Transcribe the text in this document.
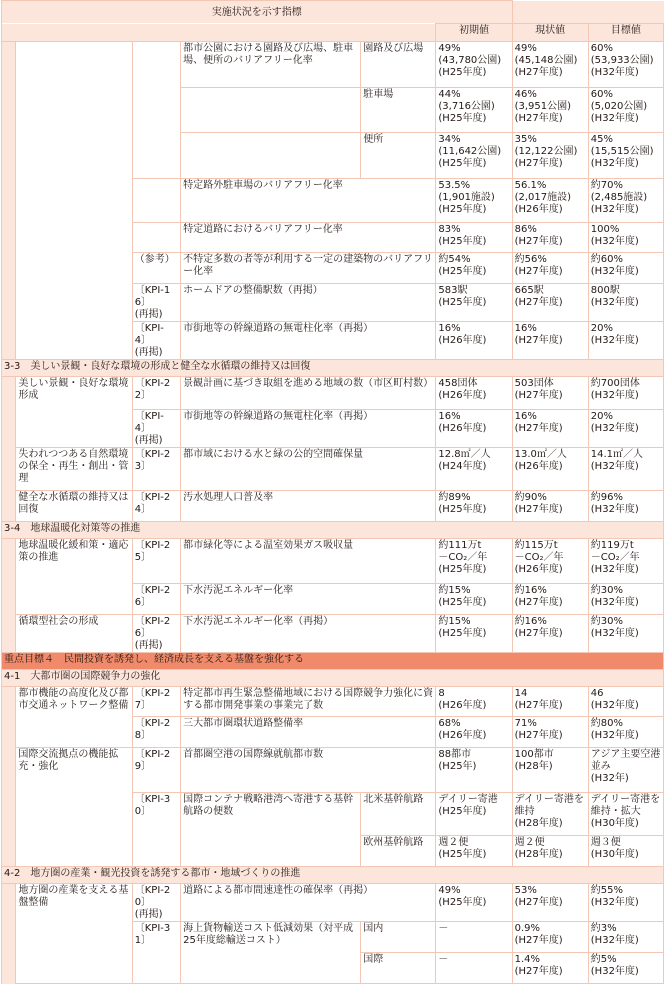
実施状況を示す指標							
					初期値	現状値	目標値
			都市公園における園路及び広場、駐車場、便所のバリアフリー化率	園路及び広場	49%
(43,780公園)
(H25年度)	49%
(45,148公園)
(H27年度)	60%
(53,933公園)
(H32年度)
				駐車場	44%
(3,716公園)
(H25年度)	46%
(3,951公園)
(H27年度)	60%
(5,020公園)
(H32年度)
				便所	34%
(11,642公園)
(H25年度)	35%
(12,122公園)
(H27年度)	45%
(15,515公園)
(H32年度)
			特定路外駐車場のバリアフリー化率		53.5%
(1,901施設)
(H25年度)	56.1%
(2,017施設)
(H26年度)	約70%
(2,485施設)
(H32年度)
			特定道路におけるバリアフリー化率		83%
(H25年度)	86%
(H27年度)	100%
(H32年度)
		（参考）	不特定多数の者等が利用する一定の建築物のバリアフリー化率		約54%
(H25年度)	約56%
(H27年度)	約60%
(H32年度)
		〔KPI-16〕
(再掲)	ホームドアの整備駅数（再掲）		583駅
(H25年度)	665駅
(H27年度)	800駅
(H32年度)
		〔KPI-4〕
(再掲)	市街地等の幹線道路の無電柱化率（再掲）		16%
(H26年度)	16%
(H27年度)	20%
(H32年度)
3-3　美しい景観・良好な環境の形成と健全な水循環の維持又は回復							
	美しい景観・良好な環境形成	〔KPI-22〕	景観計画に基づき取組を進める地域の数（市区町村数）		458団体
(H26年度)	503団体
(H27年度)	約700団体
(H32年度)
		〔KPI-4〕
(再掲)	市街地等の幹線道路の無電柱化率（再掲）		16%
(H26年度)	16%
(H27年度)	20%
(H32年度)
	失われつつある自然環境の保全・再生・創出・管理	〔KPI-23〕	都市域における水と緑の公的空間確保量		12.8㎡／人
(H24年度)	13.0㎡／人
(H26年度)	14.1㎡／人
(H32年度)
	健全な水循環の維持又は回復	〔KPI-24〕	汚水処理人口普及率		約89%
(H25年度)	約90%
(H27年度)	約96%
(H32年度)
3-4　地球温暖化対策等の推進							
	地球温暖化緩和策・適応策の推進	〔KPI-25〕	都市緑化等による温室効果ガス吸収量		約111万t
－CO₂／年
(H25年度)	約115万t
－CO₂／年
(H26年度)	約119万t
－CO₂／年
(H32年度)
		〔KPI-26〕	下水汚泥エネルギー化率		約15%
(H25年度)	約16%
(H27年度)	約30%
(H32年度)
	循環型社会の形成	〔KPI-26〕
(再掲)	下水汚泥エネルギー化率（再掲）		約15%
(H25年度)	約16%
(H27年度)	約30%
(H32年度)
重点目標４　民間投資を誘発し、経済成長を支える基盤を強化する							
4-1　大都市圏の国際競争力の強化							
	都市機能の高度化及び都市交通ネットワーク整備	〔KPI-27〕	特定都市再生緊急整備地域における国際競争力強化に資する都市開発事業の事業完了数		8
(H26年度)	14
(H27年度)	46
(H32年度)
		〔KPI-28〕	三大都市圏環状道路整備率		68%
(H26年度)	71%
(H27年度)	約80%
(H32年度)
	国際交流拠点の機能拡充・強化	〔KPI-29〕	首都圏空港の国際線就航都市数		88都市
(H25年)	100都市
(H28年)	アジア主要空港並み
(H32年)
		〔KPI-30〕	国際コンテナ戦略港湾へ寄港する基幹航路の便数	北米基幹航路	デイリー寄港
(H25年度)	デイリー寄港を維持
(H28年度)	デイリー寄港を維持・拡大
(H30年度)
				欧州基幹航路	週２便
(H25年度)	週２便
(H28年度)	週３便
(H30年度)
4-2　地方圏の産業・観光投資を誘発する都市・地域づくりの推進							
	地方圏の産業を支える基盤整備	〔KPI-20〕
(再掲)	道路による都市間速達性の確保率（再掲）		49%
(H25年度)	53%
(H27年度)	約55%
(H32年度)
		〔KPI-31〕	海上貨物輸送コスト低減効果（対平成25年度総輸送コスト）	国内	－	0.9%
(H27年度)	約3%
(H32年度)
				国際	－	1.4%
(H27年度)	約5%
(H32年度)
